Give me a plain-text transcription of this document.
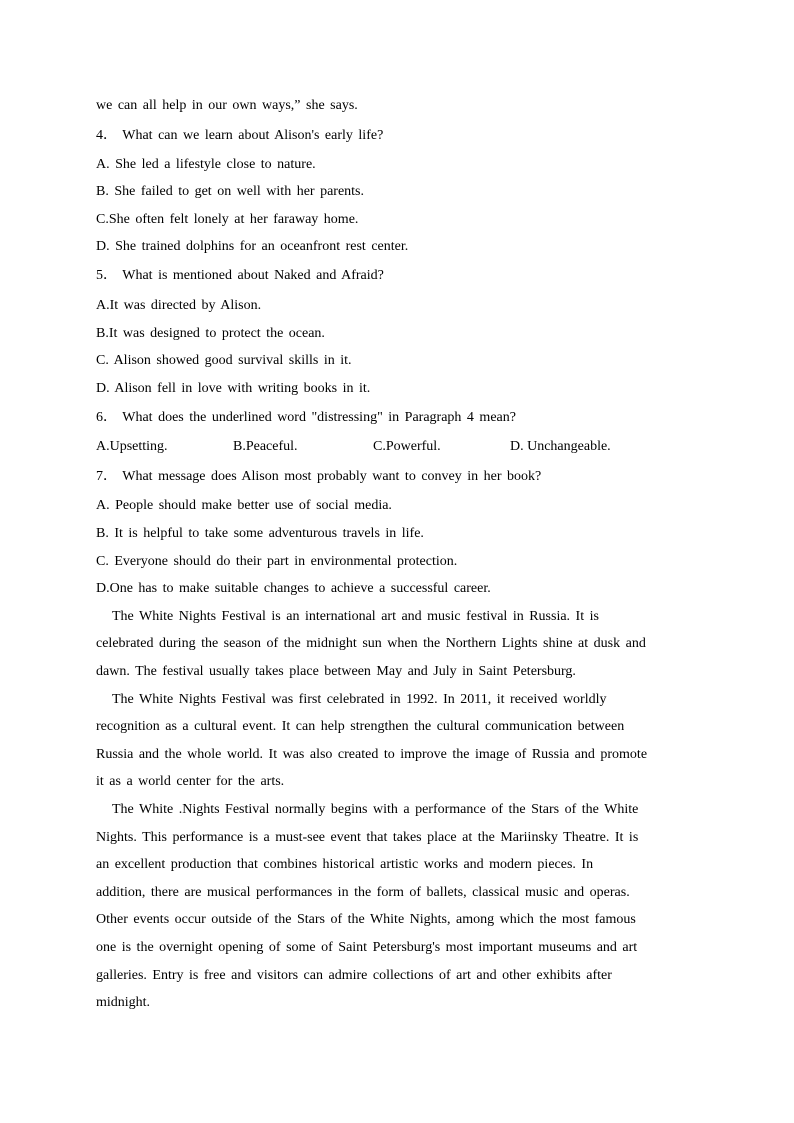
we can all help in our own ways,” she says.
4． What can we learn about Alison's early life?
A. She led a lifestyle close to nature.
B. She failed to get on well with her parents.
C.She often felt lonely at her faraway home.
D. She trained dolphins for an oceanfront rest center.
5． What is mentioned about Naked and Afraid?
A.It was directed by Alison.
B.It was designed to protect the ocean.
C. Alison showed good survival skills in it.
D. Alison fell in love with writing books in it.
6． What does the underlined word "distressing" in Paragraph 4 mean?
A.Upsetting.	B.Peaceful.	C.Powerful.	D. Unchangeable.
7． What message does Alison most probably want to convey in her book?
A. People should make better use of social media.
B. It is helpful to take some adventurous travels in life.
C. Everyone should do their part in environmental protection.
D.One has to make suitable changes to achieve a successful career.
The White Nights Festival is an international art and music festival in Russia. It is
celebrated during the season of the midnight sun when the Northern Lights shine at dusk and
dawn. The festival usually takes place between May and July in Saint Petersburg.
The White Nights Festival was first celebrated in 1992. In 2011, it received worldly
recognition as a cultural event. It can help strengthen the cultural communication between
Russia and the whole world. It was also created to improve the image of Russia and promote
it as a world center for the arts.
The White .Nights Festival normally begins with a performance of the Stars of the White
Nights. This performance is a must-see event that takes place at the Mariinsky Theatre. It is
an excellent production that combines historical artistic works and modern pieces. In
addition, there are musical performances in the form of ballets, classical music and operas.
Other events occur outside of the Stars of the White Nights, among which the most famous
one is the overnight opening of some of Saint Petersburg's most important museums and art
galleries. Entry is free and visitors can admire collections of art and other exhibits after
midnight.
